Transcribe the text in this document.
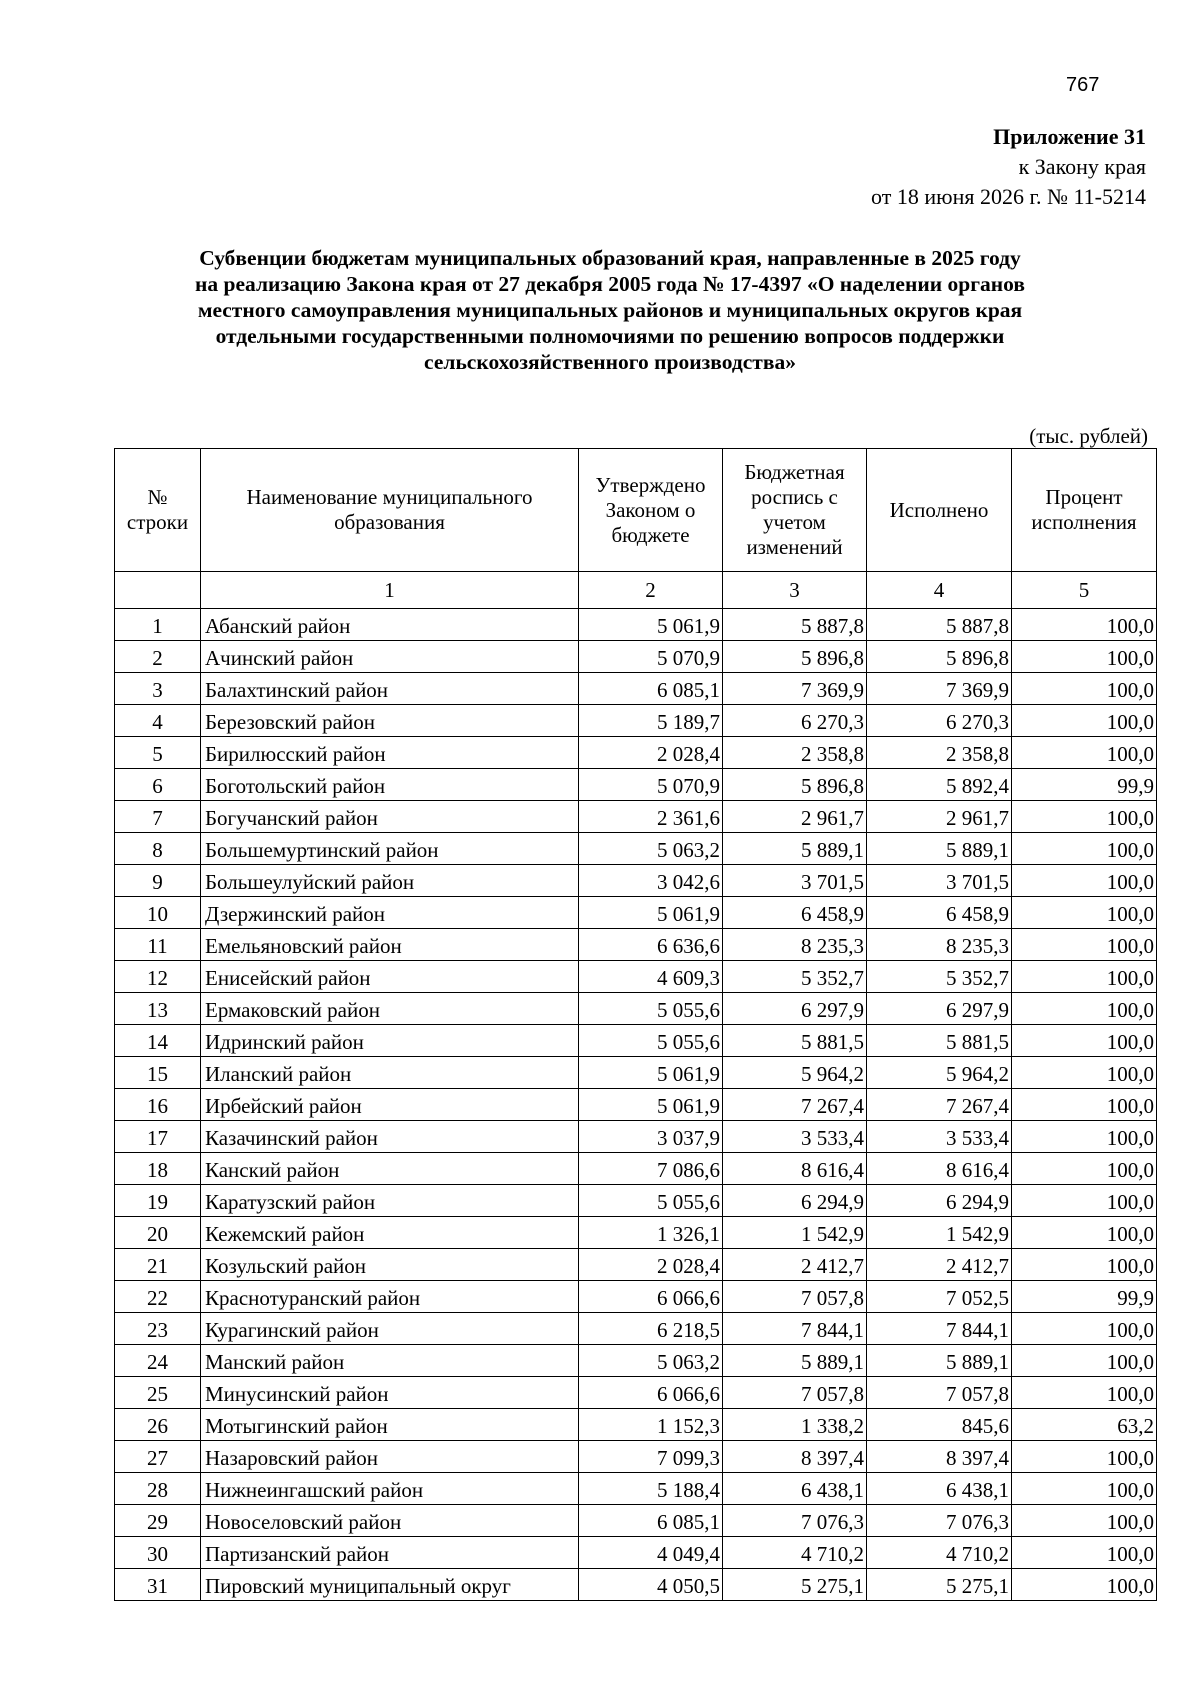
767
Приложение 31
к Закону края
от 18 июня 2026 г. № 11-5214
Субвенции бюджетам муниципальных образований края, направленные в 2025 году
на реализацию Закона края от 27 декабря 2005 года № 17-4397 «О наделении органов
местного самоуправления муниципальных районов и муниципальных округов края
отдельными государственными полномочиями по решению вопросов поддержки
сельскохозяйственного производства»
(тыс. рублей)
№ строки	Наименование муниципального образования	Утверждено Законом о бюджете	Бюджетная роспись с учетом изменений	Исполнено	Процент исполнения
	1	2	3	4	5
1	Абанский район	5 061,9	5 887,8	5 887,8	100,0
2	Ачинский район	5 070,9	5 896,8	5 896,8	100,0
3	Балахтинский район	6 085,1	7 369,9	7 369,9	100,0
4	Березовский район	5 189,7	6 270,3	6 270,3	100,0
5	Бирилюсский район	2 028,4	2 358,8	2 358,8	100,0
6	Боготольский район	5 070,9	5 896,8	5 892,4	99,9
7	Богучанский район	2 361,6	2 961,7	2 961,7	100,0
8	Большемуртинский район	5 063,2	5 889,1	5 889,1	100,0
9	Большеулуйский район	3 042,6	3 701,5	3 701,5	100,0
10	Дзержинский район	5 061,9	6 458,9	6 458,9	100,0
11	Емельяновский район	6 636,6	8 235,3	8 235,3	100,0
12	Енисейский район	4 609,3	5 352,7	5 352,7	100,0
13	Ермаковский район	5 055,6	6 297,9	6 297,9	100,0
14	Идринский район	5 055,6	5 881,5	5 881,5	100,0
15	Иланский район	5 061,9	5 964,2	5 964,2	100,0
16	Ирбейский район	5 061,9	7 267,4	7 267,4	100,0
17	Казачинский район	3 037,9	3 533,4	3 533,4	100,0
18	Канский район	7 086,6	8 616,4	8 616,4	100,0
19	Каратузский район	5 055,6	6 294,9	6 294,9	100,0
20	Кежемский район	1 326,1	1 542,9	1 542,9	100,0
21	Козульский район	2 028,4	2 412,7	2 412,7	100,0
22	Краснотуранский район	6 066,6	7 057,8	7 052,5	99,9
23	Курагинский район	6 218,5	7 844,1	7 844,1	100,0
24	Манский район	5 063,2	5 889,1	5 889,1	100,0
25	Минусинский район	6 066,6	7 057,8	7 057,8	100,0
26	Мотыгинский район	1 152,3	1 338,2	845,6	63,2
27	Назаровский район	7 099,3	8 397,4	8 397,4	100,0
28	Нижнеингашский район	5 188,4	6 438,1	6 438,1	100,0
29	Новоселовский район	6 085,1	7 076,3	7 076,3	100,0
30	Партизанский район	4 049,4	4 710,2	4 710,2	100,0
31	Пировский муниципальный округ	4 050,5	5 275,1	5 275,1	100,0
